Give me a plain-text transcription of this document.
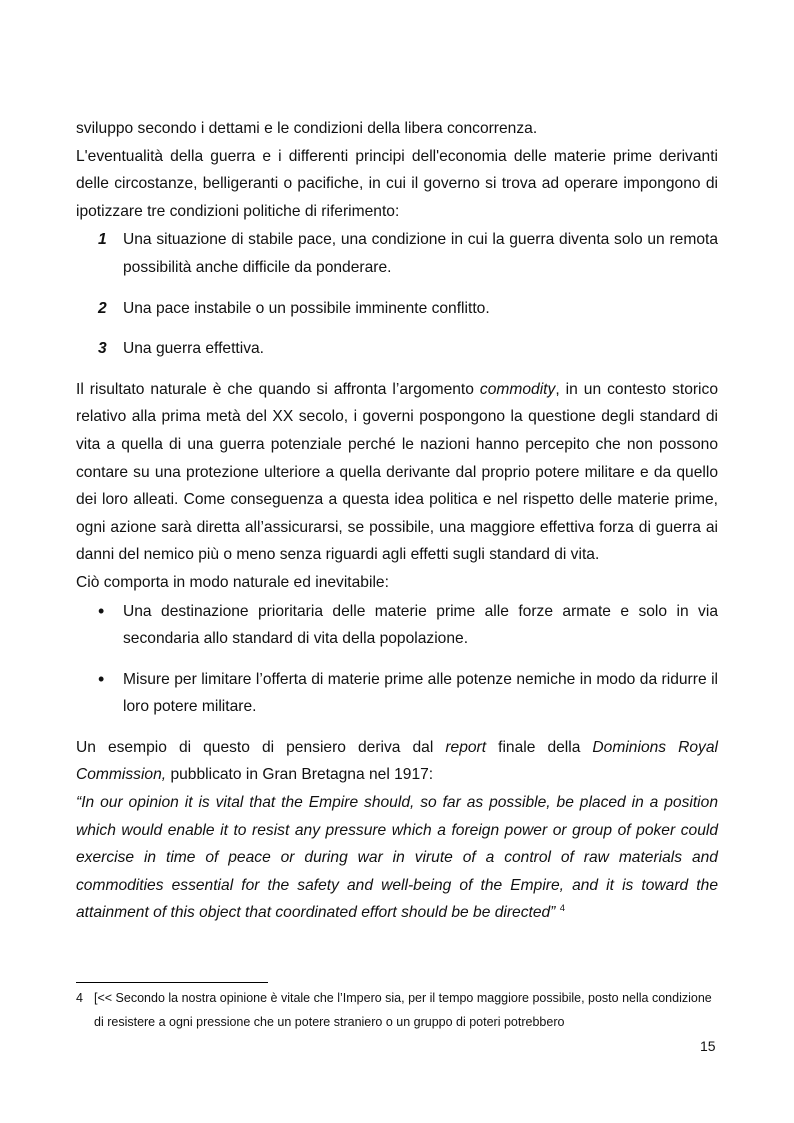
sviluppo secondo i dettami e le condizioni della libera concorrenza.

L'eventualità della guerra e i differenti principi dell'economia delle materie prime derivanti delle circostanze, belligeranti o pacifiche, in cui il governo si trova ad operare impongono di ipotizzare tre condizioni politiche di riferimento:

1 Una situazione di stabile pace, una condizione in cui la guerra diventa solo un remota possibilità anche difficile da ponderare.
2 Una pace instabile o un possibile imminente conflitto.
3 Una guerra effettiva.

Il risultato naturale è che quando si affronta l’argomento commodity, in un contesto storico relativo alla prima metà del XX secolo, i governi pospongono la questione degli standard di vita a quella di una guerra potenziale perché le nazioni hanno percepito che non possono contare su una protezione ulteriore a quella derivante dal proprio potere militare e da quello dei loro alleati. Come conseguenza a questa idea politica e nel rispetto delle materie prime, ogni azione sarà diretta all’assicurarsi, se possibile, una maggiore effettiva forza di guerra ai danni del nemico più o meno senza riguardi agli effetti sugli standard di vita.

Ciò comporta in modo naturale ed inevitabile:

• Una destinazione prioritaria delle materie prime alle forze armate e solo in via secondaria allo standard di vita della popolazione.
• Misure per limitare l’offerta di materie prime alle potenze nemiche in modo da ridurre il loro potere militare.

Un esempio di questo di pensiero deriva dal report finale della Dominions Royal Commission, pubblicato in Gran Bretagna nel 1917:

“In our opinion it is vital that the Empire should, so far as possible, be placed in a position which would enable it to resist any pressure which a foreign power or group of poker could exercise in time of peace or during war in virute of a control of raw materials and commodities essential for the safety and well-being of the Empire, and it is toward the attainment of this object that coordinated effort should be be directed” $^4$

4 [<< Secondo la nostra opinione è vitale che l’Impero sia, per il tempo maggiore possibile, posto nella condizione di resistere a ogni pressione che un potere straniero o un gruppo di poteri potrebbero
15
